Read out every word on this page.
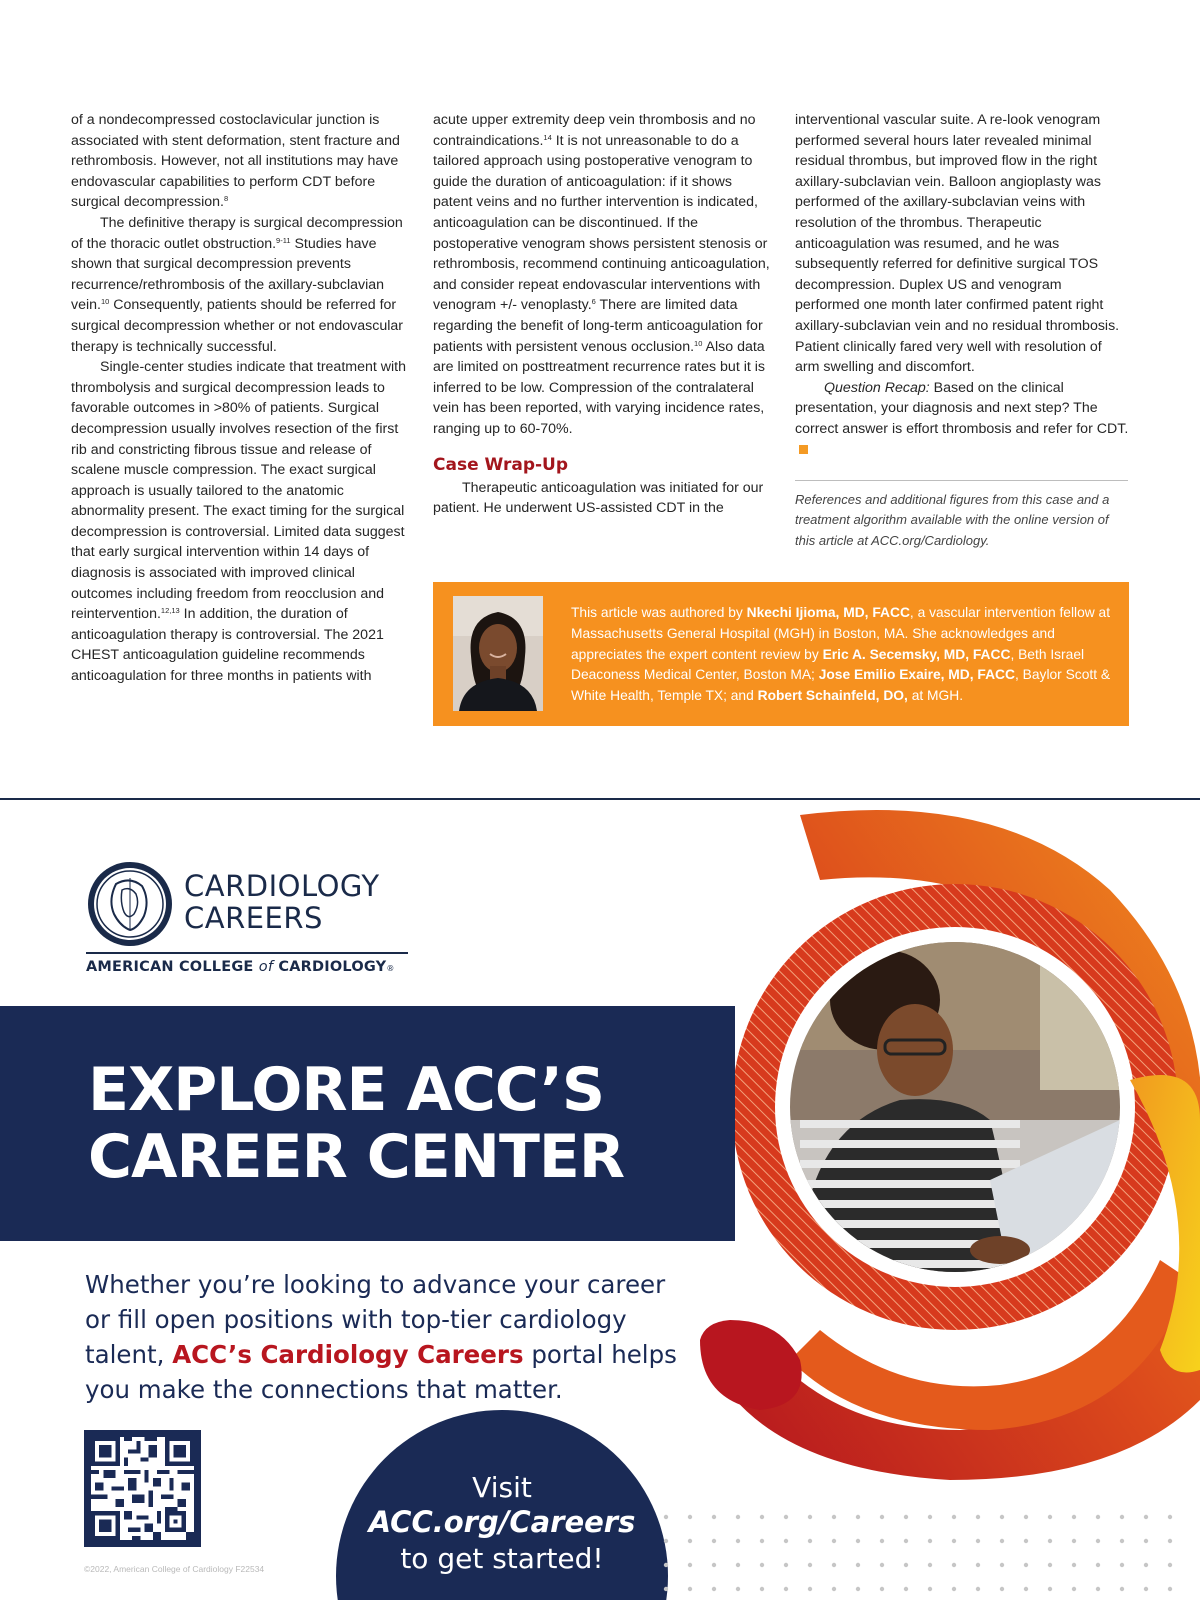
of a nondecompressed costoclavicular junction is associated with stent deformation, stent fracture and rethrombosis. However, not all institutions may have endovascular capabilities to perform CDT before surgical decompression.$^8$

The definitive therapy is surgical decompression of the thoracic outlet obstruction.$^{9-11}$ Studies have shown that surgical decompression prevents recurrence/rethrombosis of the axillary-subclavian vein.$^{10}$ Consequently, patients should be referred for surgical decompression whether or not endovascular therapy is technically successful.

Single-center studies indicate that treatment with thrombolysis and surgical decompression leads to favorable outcomes in >80% of patients. Surgical decompression usually involves resection of the first rib and constricting fibrous tissue and release of scalene muscle compression. The exact surgical approach is usually tailored to the anatomic abnormality present. The exact timing for the surgical decompression is controversial. Limited data suggest that early surgical intervention within 14 days of diagnosis is associated with improved clinical outcomes including freedom from reocclusion and reintervention.$^{12,13}$ In addition, the duration of anticoagulation therapy is controversial. The 2021 CHEST anticoagulation guideline recommends anticoagulation for three months in patients with

acute upper extremity deep vein thrombosis and no contraindications.$^{14}$ It is not unreasonable to do a tailored approach using postoperative venogram to guide the duration of anticoagulation: if it shows patent veins and no further intervention is indicated, anticoagulation can be discontinued. If the postoperative venogram shows persistent stenosis or rethrombosis, recommend continuing anticoagulation, and consider repeat endovascular interventions with venogram +/- venoplasty.$^6$ There are limited data regarding the benefit of long-term anticoagulation for patients with persistent venous occlusion.$^{10}$ Also data are limited on posttreatment recurrence rates but it is inferred to be low. Compression of the contralateral vein has been reported, with varying incidence rates, ranging up to 60-70%.

Case Wrap-Up

Therapeutic anticoagulation was initiated for our patient. He underwent US-assisted CDT in the

interventional vascular suite. A re-look venogram performed several hours later revealed minimal residual thrombus, but improved flow in the right axillary-subclavian vein. Balloon angioplasty was performed of the axillary-subclavian veins with resolution of the thrombus. Therapeutic anticoagulation was resumed, and he was subsequently referred for definitive surgical TOS decompression. Duplex US and venogram performed one month later confirmed patent right axillary-subclavian vein and no residual thrombosis. Patient clinically fared very well with resolution of arm swelling and discomfort.

Question Recap: Based on the clinical presentation, your diagnosis and next step? The correct answer is effort thrombosis and refer for CDT.

References and additional figures from this case and a treatment algorithm available with the online version of this article at ACC.org/Cardiology.

This article was authored by Nkechi Ijioma, MD, FACC, a vascular intervention fellow at Massachusetts General Hospital (MGH) in Boston, MA. She acknowledges and appreciates the expert content review by Eric A. Secemsky, MD, FACC, Beth Israel Deaconess Medical Center, Boston MA; Jose Emilio Exaire, MD, FACC, Baylor Scott & White Health, Temple TX; and Robert Schainfeld, DO, at MGH.

CARDIOLOGY
CAREERS
AMERICAN COLLEGE of CARDIOLOGY®
EXPLORE ACC’S
CAREER CENTER

Whether you’re looking to advance your career or fill open positions with top-tier cardiology talent, ACC’s Cardiology Careers portal helps you make the connections that matter.

©2022, American College of Cardiology F22534
Visit
ACC.org/Careers
to get started!
